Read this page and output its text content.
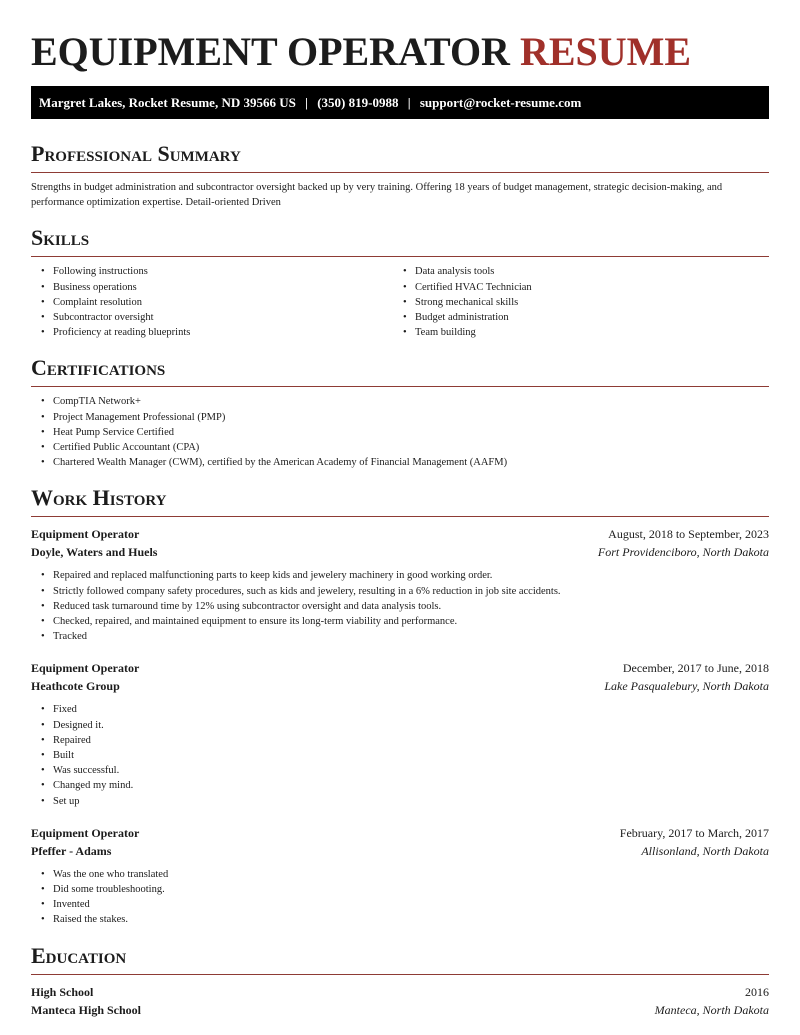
EQUIPMENT OPERATOR RESUME
Margret Lakes, Rocket Resume, ND 39566 US | (350) 819-0988 | support@rocket-resume.com
Professional Summary

Strengths in budget administration and subcontractor oversight backed up by very training. Offering 18 years of budget management, strategic decision-making, and performance optimization expertise. Detail-oriented Driven

Skills
• Following instructions
• Business operations
• Complaint resolution
• Subcontractor oversight
• Proficiency at reading blueprints
• Data analysis tools
• Certified HVAC Technician
• Strong mechanical skills
• Budget administration
• Team building
Certifications
• CompTIA Network+
• Project Management Professional (PMP)
• Heat Pump Service Certified
• Certified Public Accountant (CPA)
• Chartered Wealth Manager (CWM), certified by the American Academy of Financial Management (AAFM)
Work History
Equipment Operator	August, 2018 to September, 2023
Doyle, Waters and Huels	Fort Providenciboro, North Dakota
• Repaired and replaced malfunctioning parts to keep kids and jewelery machinery in good working order.
• Strictly followed company safety procedures, such as kids and jewelery, resulting in a 6% reduction in job site accidents.
• Reduced task turnaround time by 12% using subcontractor oversight and data analysis tools.
• Checked, repaired, and maintained equipment to ensure its long-term viability and performance.
• Tracked
Equipment Operator	December, 2017 to June, 2018
Heathcote Group	Lake Pasqualebury, North Dakota
• Fixed
• Designed it.
• Repaired
• Built
• Was successful.
• Changed my mind.
• Set up
Equipment Operator	February, 2017 to March, 2017
Pfeffer - Adams	Allisonland, North Dakota
• Was the one who translated
• Did some troubleshooting.
• Invented
• Raised the stakes.
Education
High School	2016
Manteca High School	Manteca, North Dakota
